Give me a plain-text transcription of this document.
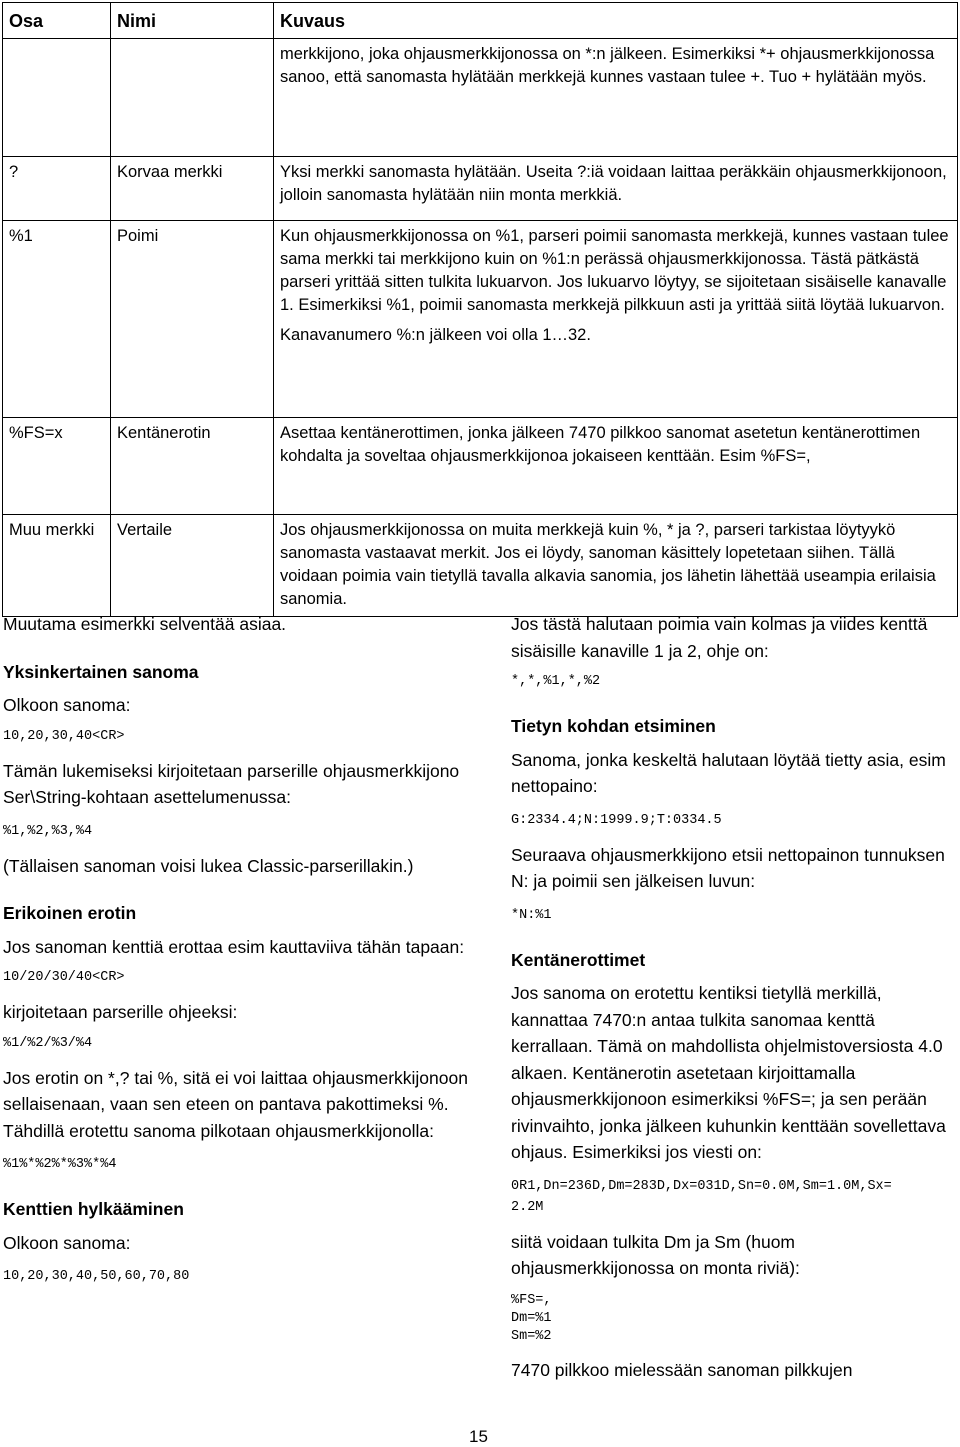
Osa	Nimi	Kuvaus

		merkkijono, joka ohjausmerkkijonossa on *:n jälkeen. Esimerkiksi *+ ohjausmerkkijonossa sanoo, että sanomasta hylätään merkkejä kunnes vastaan tulee +. Tuo + hylätään myös.

?	Korvaa merkki	Yksi merkki sanomasta hylätään. Useita ?:iä voidaan laittaa peräkkäin ohjausmerkkijonoon, jolloin sanomasta hylätään niin monta merkkiä.

%1	Poimi	Kun ohjausmerkkijonossa on %1, parseri poimii sanomasta merkkejä, kunnes vastaan tulee sama merkki tai merkkijono kuin on %1:n perässä ohjausmerkkijonossa. Tästä pätkästä parseri yrittää sitten tulkita lukuarvon. Jos lukuarvo löytyy, se sijoitetaan sisäiselle kanavalle 1. Esimerkiksi %1, poimii sanomasta merkkejä pilkkuun asti ja yrittää siitä löytää lukuarvon.

Kanavanumero %:n jälkeen voi olla 1…32.

%FS=x	Kentänerotin	Asettaa kentänerottimen, jonka jälkeen 7470 pilkkoo sanomat asetetun kentänerottimen kohdalta ja soveltaa ohjausmerkkijonoa jokaiseen kenttään. Esim %FS=,

Muu merkki	Vertaile	Jos ohjausmerkkijonossa on muita merkkejä kuin %, * ja ?, parseri tarkistaa löytyykö sanomasta vastaavat merkit. Jos ei löydy, sanoman käsittely lopetetaan siihen. Tällä voidaan poimia vain tietyllä tavalla alkavia sanomia, jos lähetin lähettää useampia erilaisia sanomia.

Muutama esimerkki selventää asiaa.

Yksinkertainen sanoma

Olkoon sanoma:

10,20,30,40<CR>

Tämän lukemiseksi kirjoitetaan parserille ohjausmerkkijono Ser\String-kohtaan asettelumenussa:

%1,%2,%3,%4

(Tällaisen sanoman voisi lukea Classic-parserillakin.)

Erikoinen erotin

Jos sanoman kenttiä erottaa esim kauttaviiva tähän tapaan:

10/20/30/40<CR>

kirjoitetaan parserille ohjeeksi:

%1/%2/%3/%4

Jos erotin on *,? tai %, sitä ei voi laittaa ohjausmerkkijonoon sellaisenaan, vaan sen eteen on pantava pakottimeksi %. Tähdillä erotettu sanoma pilkotaan ohjausmerkkijonolla:

%1%*%2%*%3%*%4

Kenttien hylkääminen

Olkoon sanoma:

10,20,30,40,50,60,70,80

Jos tästä halutaan poimia vain kolmas ja viides kenttä sisäisille kanaville 1 ja 2, ohje on:

*,*,%1,*,%2

Tietyn kohdan etsiminen

Sanoma, jonka keskeltä halutaan löytää tietty asia, esim nettopaino:

G:2334.4;N:1999.9;T:0334.5

Seuraava ohjausmerkkijono etsii nettopainon tunnuksen N: ja poimii sen jälkeisen luvun:

*N:%1

Kentänerottimet

Jos sanoma on erotettu kentiksi tietyllä merkillä, kannattaa 7470:n antaa tulkita sanomaa kenttä kerrallaan. Tämä on mahdollista ohjelmistoversiosta 4.0 alkaen. Kentänerotin asetetaan kirjoittamalla ohjausmerkkijonoon esimerkiksi %FS=; ja sen perään rivinvaihto, jonka jälkeen kuhunkin kenttään sovellettava ohjaus. Esimerkiksi jos viesti on:

0R1,Dn=236D,Dm=283D,Dx=031D,Sn=0.0M,Sm=1.0M,Sx=

2.2M

siitä voidaan tulkita Dm ja Sm (huom ohjausmerkkijonossa on monta riviä):

%FS=,

Dm=%1

Sm=%2

7470 pilkkoo mielessään sanoman pilkkujen

15
